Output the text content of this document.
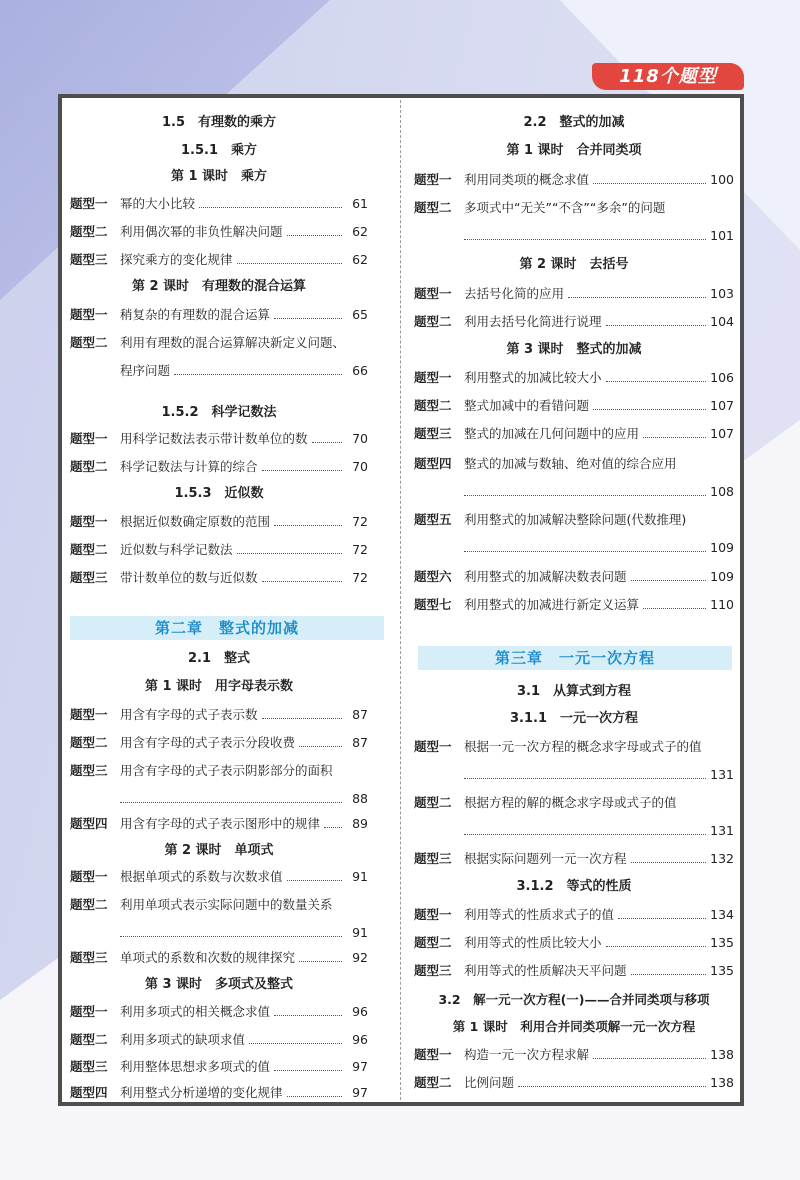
118个题型
1.5　有理数的乘方
1.5.1　乘方
第 1 课时　乘方
题型一 幂的大小比较	61
题型二 利用偶次幂的非负性解决问题	62
题型三 探究乘方的变化规律	62
第 2 课时　有理数的混合运算
题型一 稍复杂的有理数的混合运算	65
题型二 利用有理数的混合运算解决新定义问题、
程序问题	66
1.5.2　科学记数法
题型一 用科学记数法表示带计数单位的数	70
题型二 科学记数法与计算的综合	70
1.5.3　近似数
题型一 根据近似数确定原数的范围	72
题型二 近似数与科学记数法	72
题型三 带计数单位的数与近似数	72
第二章　整式的加减
2.1　整式
第 1 课时　用字母表示数
题型一 用含有字母的式子表示数	87
题型二 用含有字母的式子表示分段收费	87
题型三 用含有字母的式子表示阴影部分的面积
88
题型四 用含有字母的式子表示图形中的规律	89
第 2 课时　单项式
题型一 根据单项式的系数与次数求值	91
题型二 利用单项式表示实际问题中的数量关系
91
题型三 单项式的系数和次数的规律探究	92
第 3 课时　多项式及整式
题型一 利用多项式的相关概念求值	96
题型二 利用多项式的缺项求值	96
题型三 利用整体思想求多项式的值	97
题型四 利用整式分析递增的变化规律	97
2.2　整式的加减
第 1 课时　合并同类项
题型一 利用同类项的概念求值	100
题型二 多项式中“无关”“不含”“多余”的问题
101
第 2 课时　去括号
题型一 去括号化简的应用	103
题型二 利用去括号化简进行说理	104
第 3 课时　整式的加减
题型一 利用整式的加减比较大小	106
题型二 整式加减中的看错问题	107
题型三 整式的加减在几何问题中的应用	107
题型四 整式的加减与数轴、绝对值的综合应用
108
题型五 利用整式的加减解决整除问题(代数推理)
109
题型六 利用整式的加减解决数表问题	109
题型七 利用整式的加减进行新定义运算	110
第三章　一元一次方程
3.1　从算式到方程
3.1.1　一元一次方程
题型一 根据一元一次方程的概念求字母或式子的值
131
题型二 根据方程的解的概念求字母或式子的值
131
题型三 根据实际问题列一元一次方程	132
3.1.2　等式的性质
题型一 利用等式的性质求式子的值	134
题型二 利用等式的性质比较大小	135
题型三 利用等式的性质解决天平问题	135
3.2　解一元一次方程(一)——合并同类项与移项
第 1 课时　利用合并同类项解一元一次方程
题型一 构造一元一次方程求解	138
题型二 比例问题	138
